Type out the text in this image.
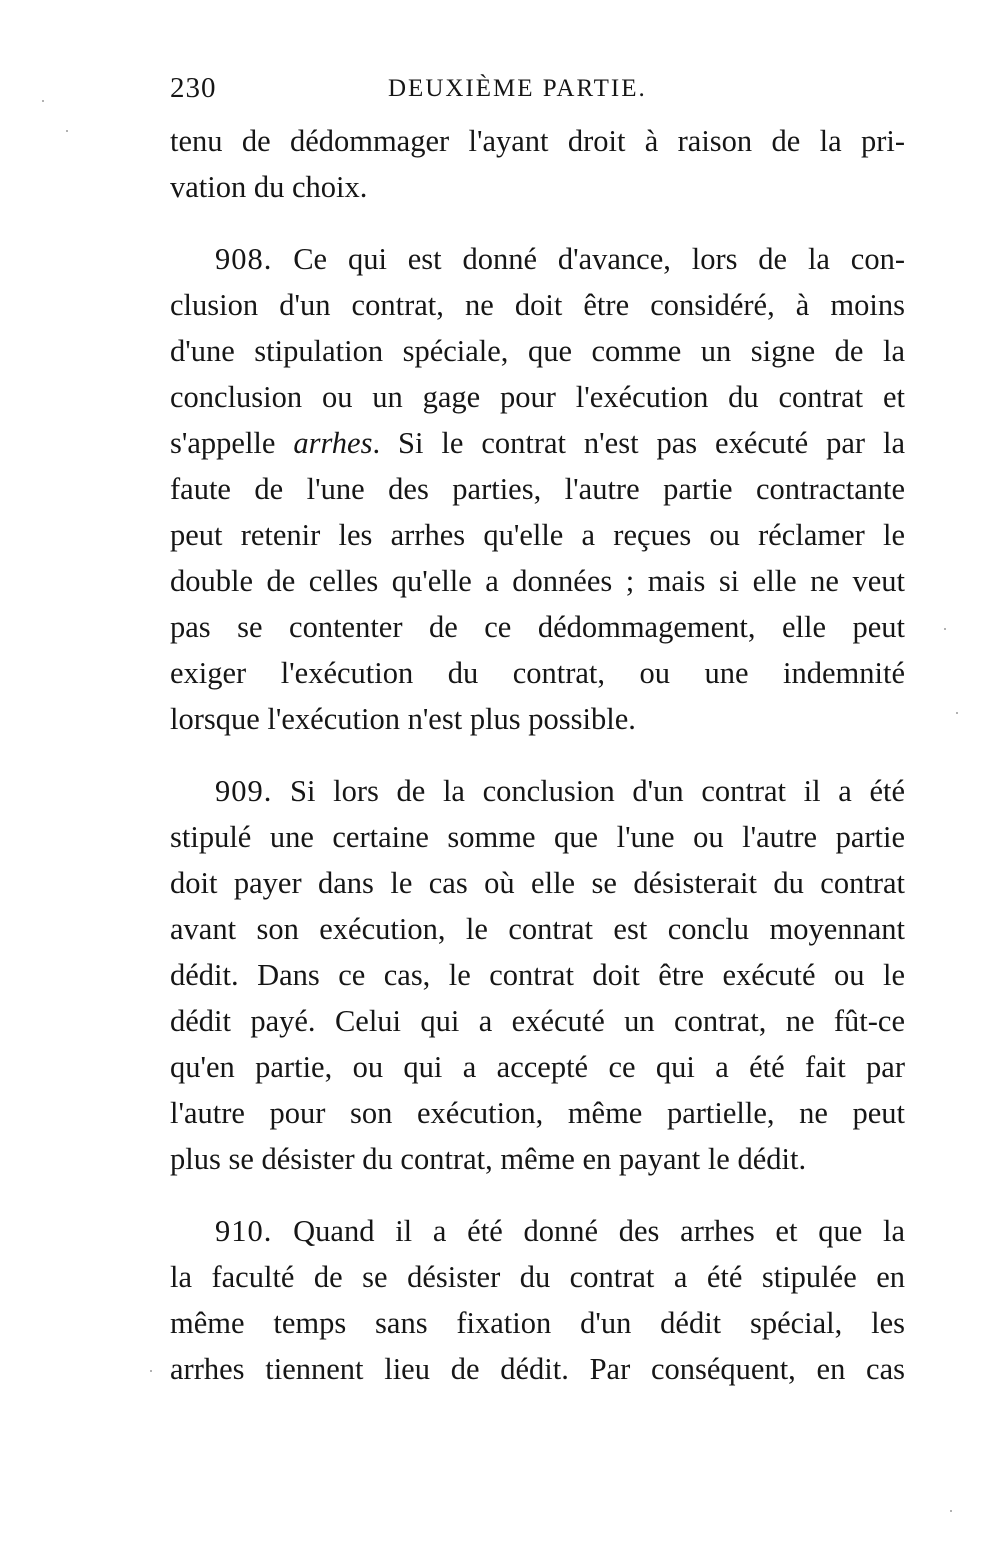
230	DEUXIÈME PARTIE.
tenu de dédommager l'ayant droit à raison de la pri-
vation du choix.
908. Ce qui est donné d'avance, lors de la con-
clusion d'un contrat, ne doit être considéré, à moins
d'une stipulation spéciale, que comme un signe de la
conclusion ou un gage pour l'exécution du contrat et
s'appelle arrhes. Si le contrat n'est pas exécuté par la
faute de l'une des parties, l'autre partie contractante
peut retenir les arrhes qu'elle a reçues ou réclamer le
double de celles qu'elle a données ; mais si elle ne veut
pas se contenter de ce dédommagement, elle peut
exiger l'exécution du contrat, ou une indemnité
lorsque l'exécution n'est plus possible.
909. Si lors de la conclusion d'un contrat il a été
stipulé une certaine somme que l'une ou l'autre partie
doit payer dans le cas où elle se désisterait du contrat
avant son exécution, le contrat est conclu moyennant
dédit. Dans ce cas, le contrat doit être exécuté ou le
dédit payé. Celui qui a exécuté un contrat, ne fût-ce
qu'en partie, ou qui a accepté ce qui a été fait par
l'autre pour son exécution, même partielle, ne peut
plus se désister du contrat, même en payant le dédit.
910. Quand il a été donné des arrhes et que la
la faculté de se désister du contrat a été stipulée en
même temps sans fixation d'un dédit spécial, les
arrhes tiennent lieu de dédit. Par conséquent, en cas
